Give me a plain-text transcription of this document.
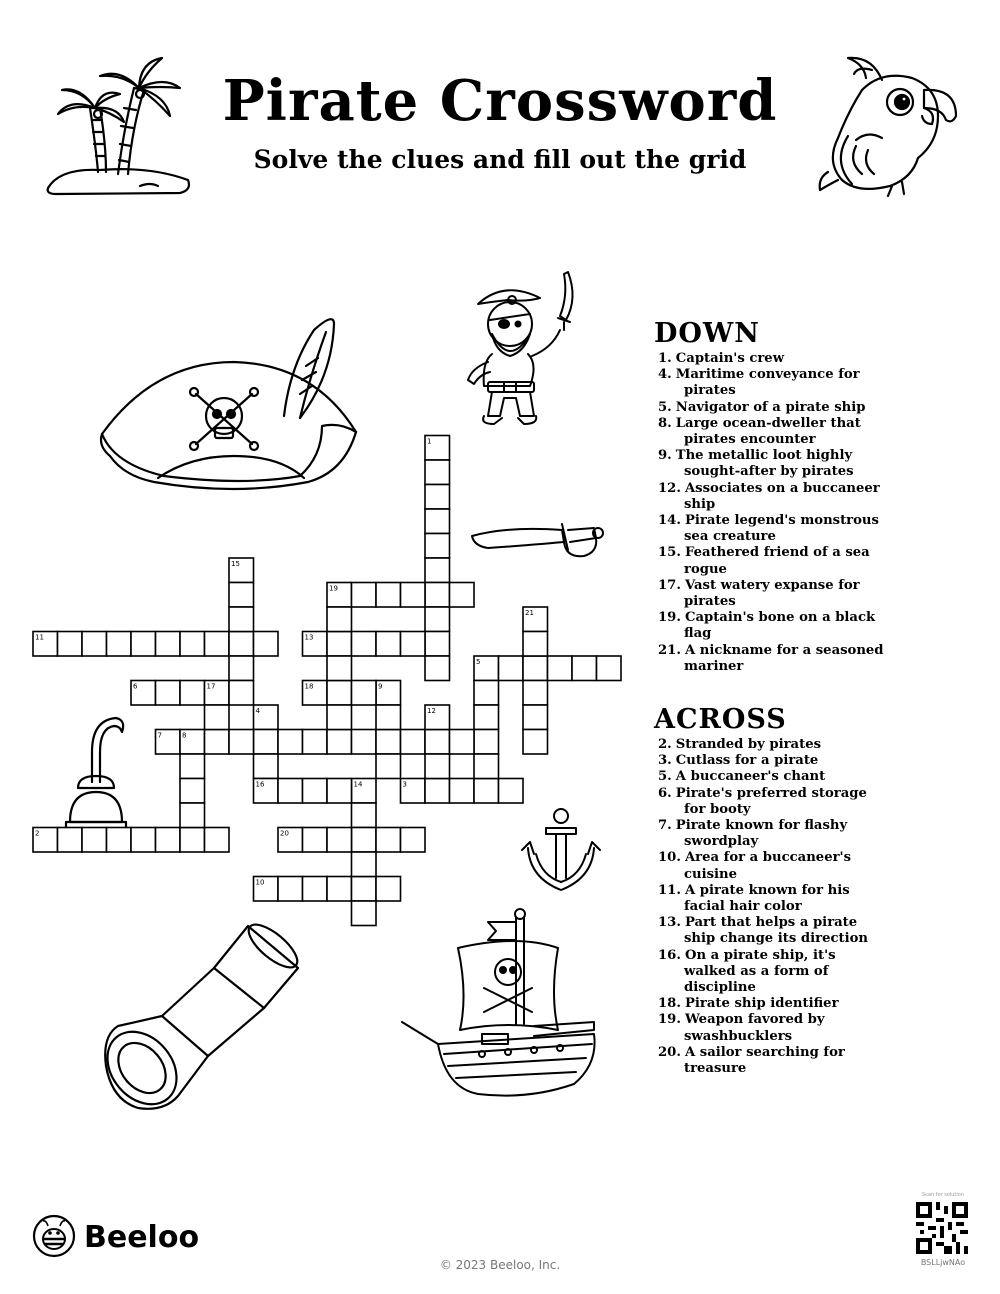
Pirate Crossword
Solve the clues and fill out the grid
1
2
3
4
5
6
7	8
9
10
11
12
13
14
15
16
17	18
19
20
21
DOWN
1. Captain's crew
4. Maritime conveyance for pirates
5. Navigator of a pirate ship
8. Large ocean-dweller that pirates encounter
9. The metallic loot highly sought-after by pirates
12. Associates on a buccaneer ship
14. Pirate legend's monstrous sea creature
15. Feathered friend of a sea rogue
17. Vast watery expanse for pirates
19. Captain's bone on a black flag
21. A nickname for a seasoned mariner
ACROSS
2. Stranded by pirates
3. Cutlass for a pirate
5. A buccaneer's chant
6. Pirate's preferred storage for booty
7. Pirate known for flashy swordplay
10. Area for a buccaneer's cuisine
11. A pirate known for his facial hair color
13. Part that helps a pirate ship change its direction
16. On a pirate ship, it's walked as a form of discipline
18. Pirate ship identifier
19. Weapon favored by swashbucklers
20. A sailor searching for treasure
Beeloo
© 2023 Beeloo, Inc.
Scan for solution
BSLLjwNAo
